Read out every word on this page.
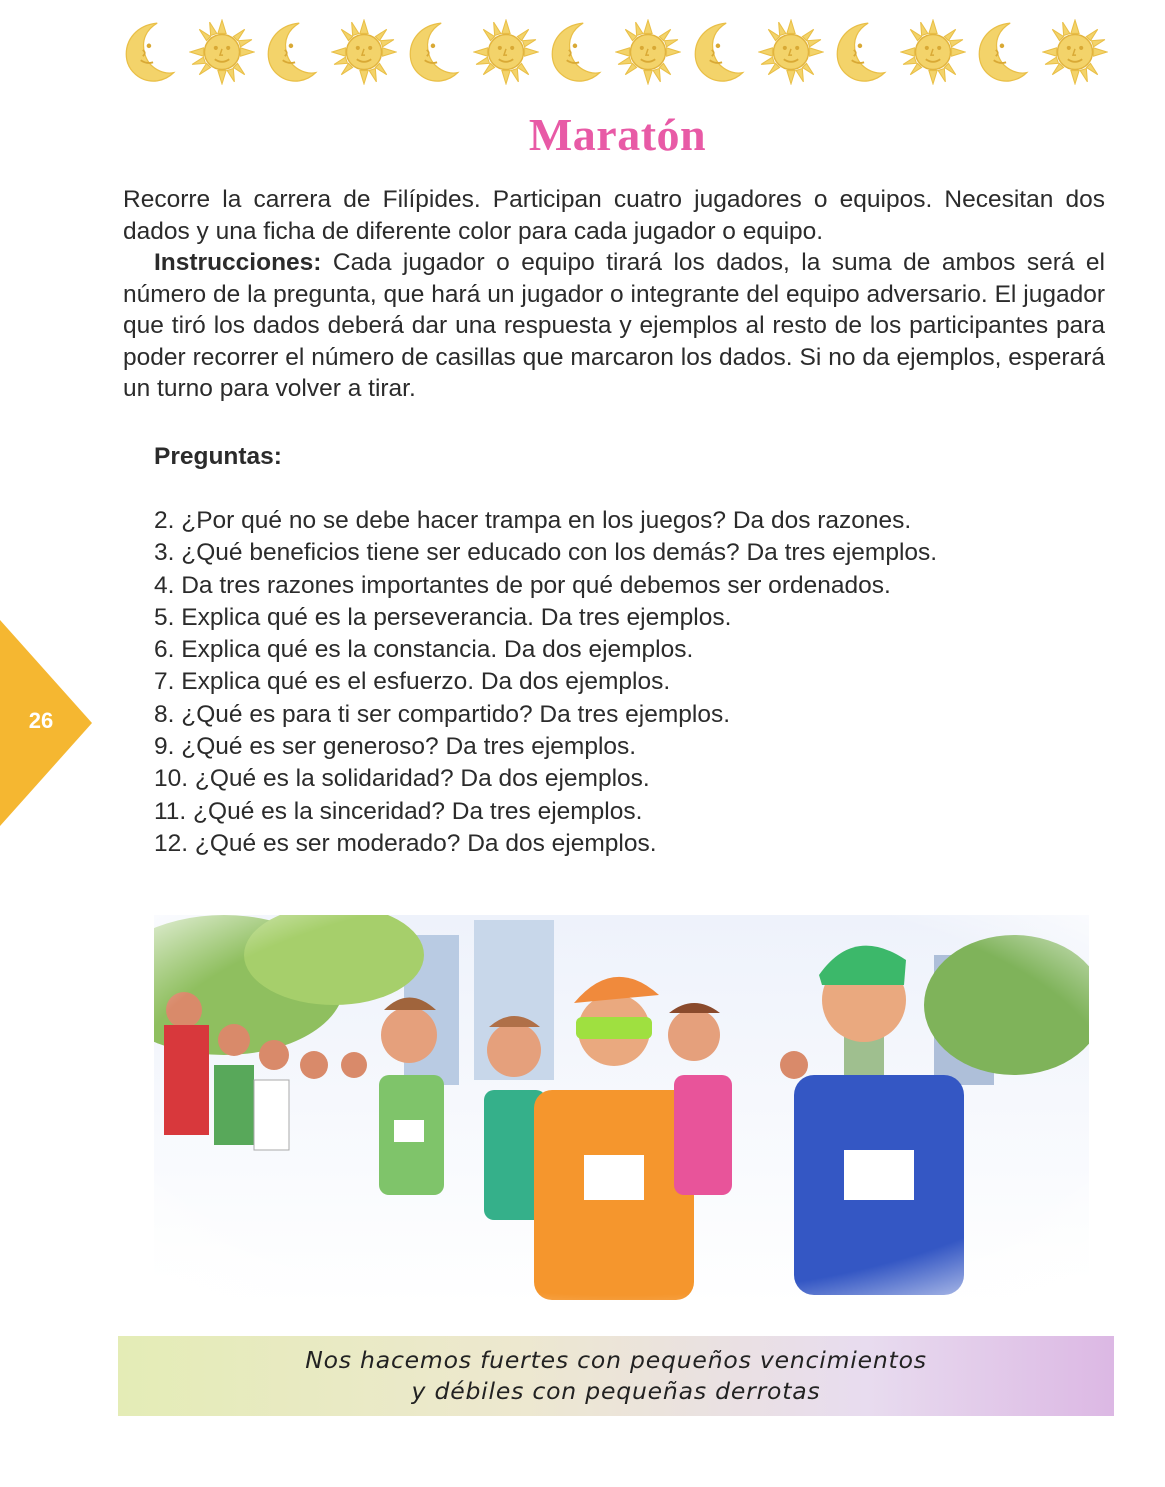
Maratón

Recorre la carrera de Filípides. Participan cuatro jugadores o equipos. Necesitan dos dados y una ficha de diferente color para cada jugador o equipo.

Instrucciones: Cada jugador o equipo tirará los dados, la suma de ambos será el número de la pregunta, que hará un jugador o integrante del equipo adversario. El jugador que tiró los dados deberá dar una respuesta y ejemplos al resto de los participantes para poder recorrer el número de casillas que marcaron los dados. Si no da ejemplos, esperará un turno para volver a tirar.

Preguntas:
2. ¿Por qué no se debe hacer trampa en los juegos? Da dos razones.
3. ¿Qué beneficios tiene ser educado con los demás? Da tres ejemplos.
4. Da tres razones importantes de por qué debemos ser ordenados.
5. Explica qué es la perseverancia. Da tres ejemplos.
6. Explica qué es la constancia. Da dos ejemplos.
7. Explica qué es el esfuerzo. Da dos ejemplos.
8. ¿Qué es para ti ser compartido? Da tres ejemplos.
9. ¿Qué es ser generoso? Da tres ejemplos.
10. ¿Qué es la solidaridad? Da dos ejemplos.
11. ¿Qué es la sinceridad? Da tres ejemplos.
12. ¿Qué es ser moderado? Da dos ejemplos.
26
Nos hacemos fuertes con pequeños vencimientos
y débiles con pequeñas derrotas
